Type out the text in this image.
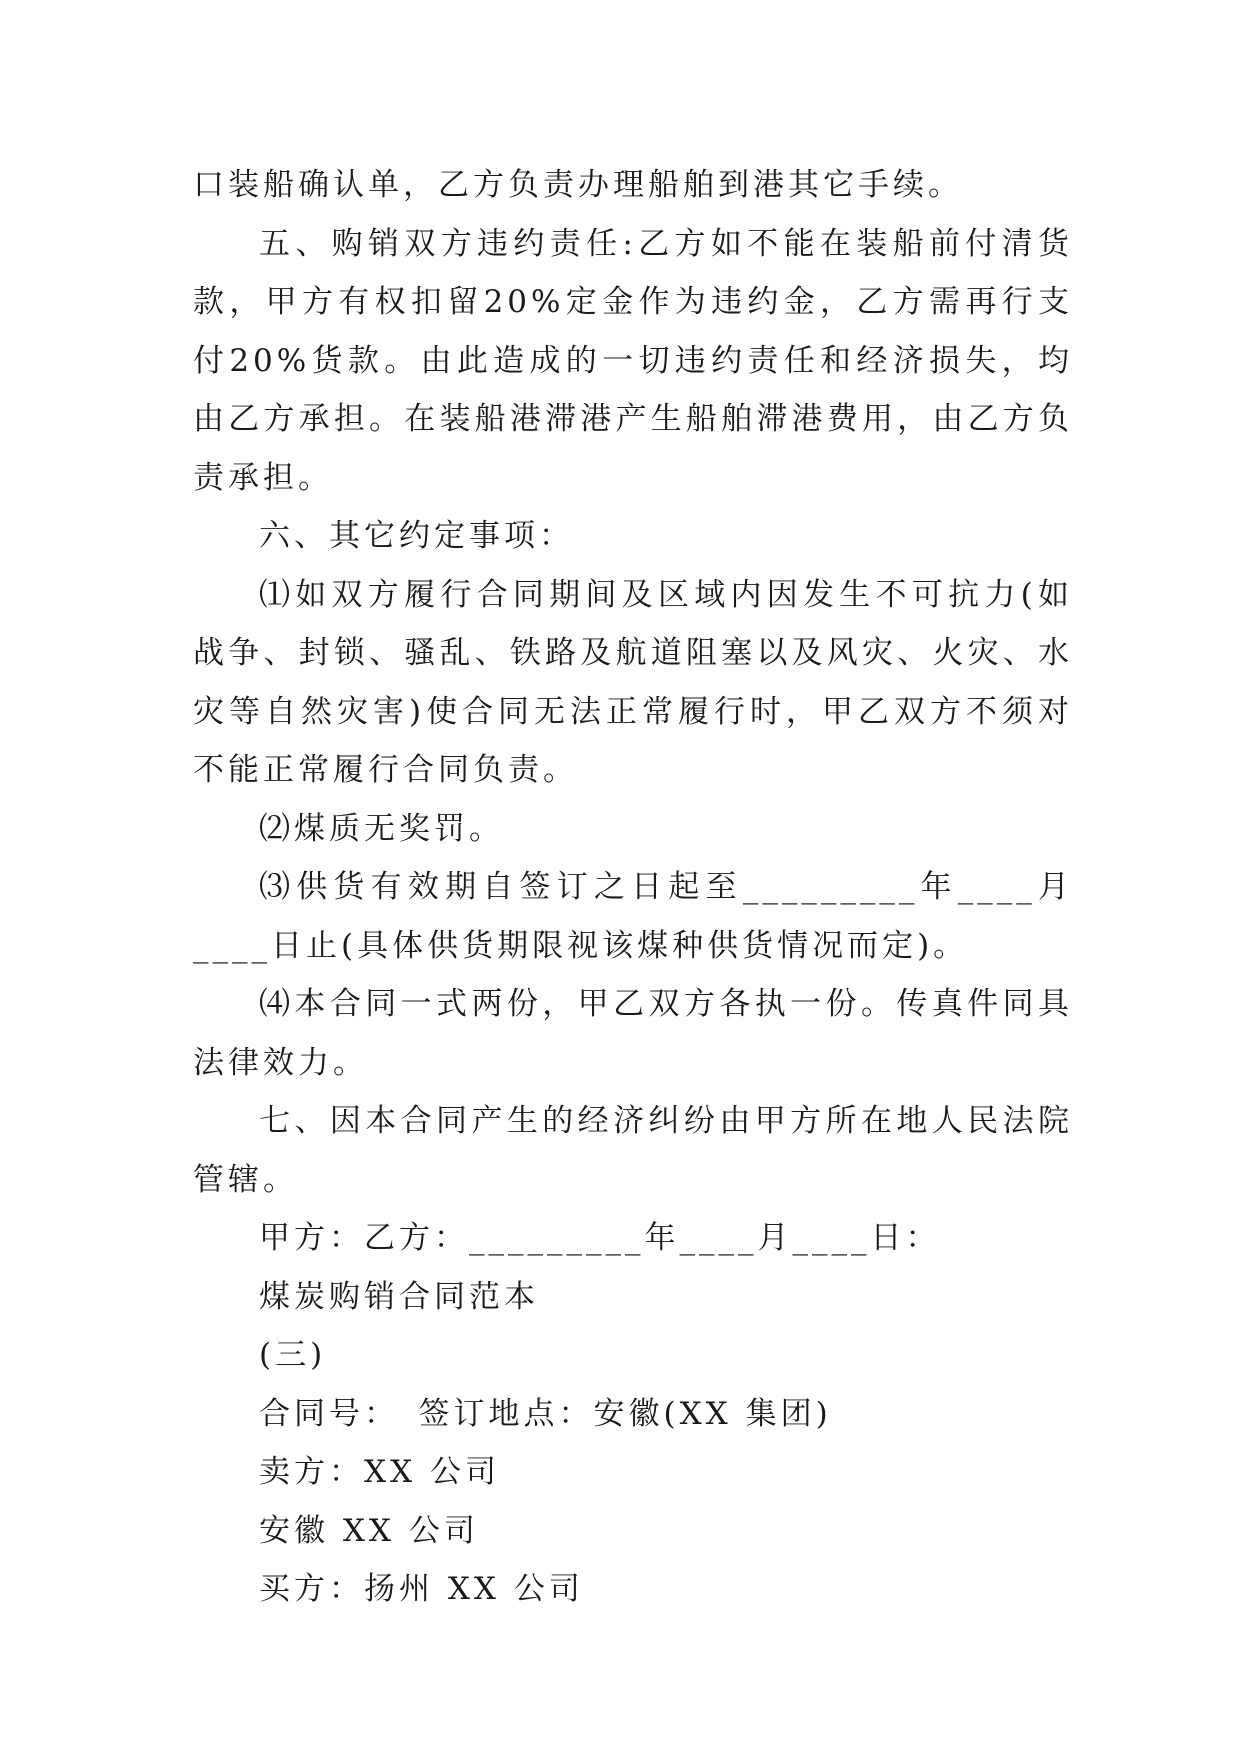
口装船确认单，乙方负责办理船舶到港其它手续。

五、购销双方违约责任:乙方如不能在装船前付清货款，甲方有权扣留20%定金作为违约金，乙方需再行支付20%货款。由此造成的一切违约责任和经济损失，均由乙方承担。在装船港滞港产生船舶滞港费用，由乙方负责承担。

六、其它约定事项：

⑴如双方履行合同期间及区域内因发生不可抗力(如战争、封锁、骚乱、铁路及航道阻塞以及风灾、火灾、水灾等自然灾害)使合同无法正常履行时，甲乙双方不须对不能正常履行合同负责。

⑵煤质无奖罚。

⑶供货有效期自签订之日起至_________年____月____日止(具体供货期限视该煤种供货情况而定)。

⑷本合同一式两份，甲乙双方各执一份。传真件同具法律效力。

七、因本合同产生的经济纠纷由甲方所在地人民法院管辖。

甲方：乙方：_________年____月____日：

煤炭购销合同范本

(三)

合同号：　签订地点：安徽(XX 集团)

卖方：XX 公司

安徽 XX 公司

买方：扬州 XX 公司
